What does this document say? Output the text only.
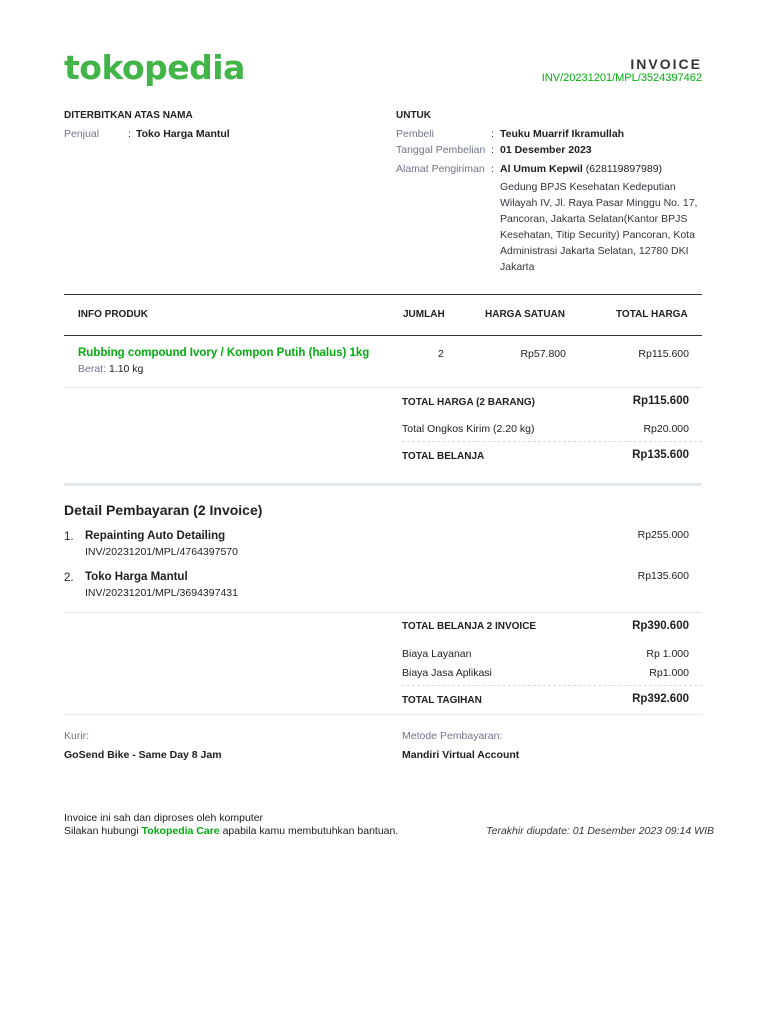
tokopedia	INVOICE
INV/20231201/MPL/3524397462
DITERBITKAN ATAS NAMA
Penjual	: Toko Harga Mantul
UNTUK
Pembeli	: Teuku Muarrif Ikramullah
Tanggal Pembelian : 01 Desember 2023
Alamat Pengiriman : Al Umum Kepwil (628119897989)
Gedung BPJS Kesehatan Kedeputian
Wilayah IV, Jl. Raya Pasar Minggu No. 17,
Pancoran, Jakarta Selatan(Kantor BPJS
Kesehatan, Titip Security) Pancoran, Kota
Administrasi Jakarta Selatan, 12780 DKI
Jakarta
INFO PRODUK	JUMLAH	HARGA SATUAN	TOTAL HARGA
Rubbing compound Ivory / Kompon Putih (halus) 1kg
Berat: 1.10 kg
2	Rp57.800	Rp115.600
TOTAL HARGA (2 BARANG)	Rp115.600
Total Ongkos Kirim (2.20 kg)	Rp20.000
TOTAL BELANJA	Rp135.600
Detail Pembayaran (2 Invoice)
1. Repainting Auto Detailing
INV/20231201/MPL/4764397570
Rp255.000
2. Toko Harga Mantul
INV/20231201/MPL/3694397431
Rp135.600
TOTAL BELANJA 2 INVOICE	Rp390.600
Biaya Layanan	Rp 1.000
Biaya Jasa Aplikasi	Rp1.000
TOTAL TAGIHAN	Rp392.600
Kurir:
GoSend Bike - Same Day 8 Jam
Metode Pembayaran:
Mandiri Virtual Account
Invoice ini sah dan diproses oleh komputer
Silakan hubungi Tokopedia Care apabila kamu membutuhkan bantuan.	Terakhir diupdate: 01 Desember 2023 09:14 WIB
